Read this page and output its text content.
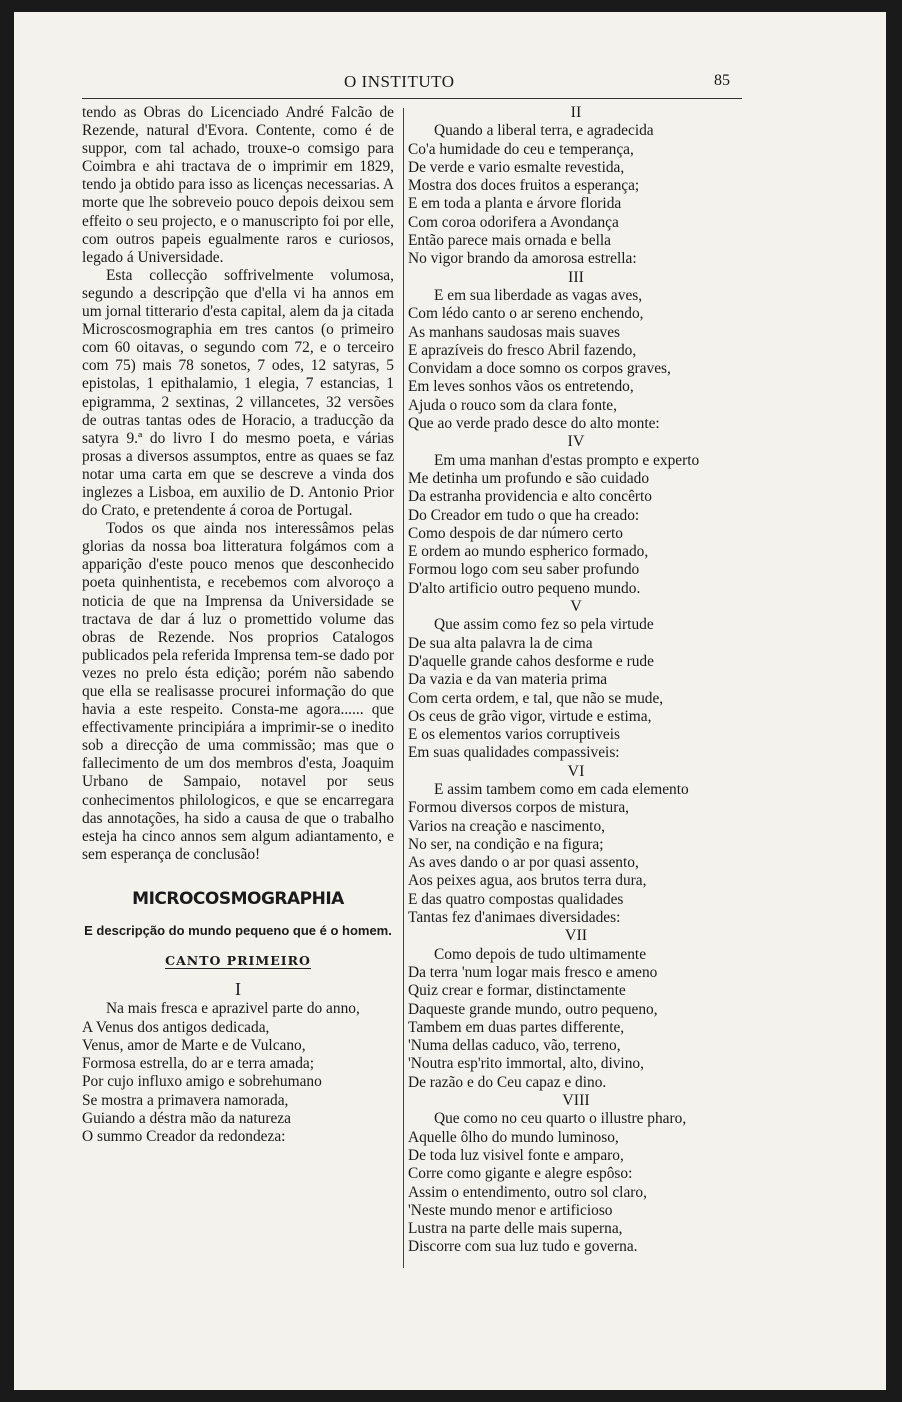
O INSTITUTO	85

tendo as Obras do Licenciado André Falcão de Rezende, natural d'Evora. Contente, como é de suppor, com tal achado, trouxe-o comsigo para Coimbra e ahi tractava de o imprimir em 1829, tendo ja obtido para isso as licenças necessarias. A morte que lhe sobreveio pouco depois deixou sem effeito o seu projecto, e o manuscripto foi por elle, com outros papeis egualmente raros e curiosos, legado á Universidade.

Esta collecção soffrivelmente volumosa, segundo a descripção que d'ella vi ha annos em um jornal titterario d'esta capital, alem da ja citada Microscosmographia em tres cantos (o primeiro com 60 oitavas, o segundo com 72, e o terceiro com 75) mais 78 sonetos, 7 odes, 12 satyras, 5 epistolas, 1 epithalamio, 1 elegia, 7 estancias, 1 epigramma, 2 sextinas, 2 villancetes, 32 versões de outras tantas odes de Horacio, a traducção da satyra 9.ª do livro I do mesmo poeta, e várias prosas a diversos assumptos, entre as quaes se faz notar uma carta em que se descreve a vinda dos inglezes a Lisboa, em auxilio de D. Antonio Prior do Crato, e pretendente á coroa de Portugal.

Todos os que ainda nos interessâmos pelas glorias da nossa boa litteratura folgámos com a apparição d'este pouco menos que desconhecido poeta quinhentista, e recebemos com alvoroço a noticia de que na Imprensa da Universidade se tractava de dar á luz o promettido volume das obras de Rezende. Nos proprios Catalogos publicados pela referida Imprensa tem-se dado por vezes no prelo ésta edição; porém não sabendo que ella se realisasse procurei informação do que havia a este respeito. Consta-me agora...... que effectivamente principiára a imprimir-se o inedito sob a direcção de uma commissão; mas que o fallecimento de um dos membros d'esta, Joaquim Urbano de Sampaio, notavel por seus conhecimentos philologicos, e que se encarregara das annotações, ha sido a causa de que o trabalho esteja ha cinco annos sem algum adiantamento, e sem esperança de conclusão!

MICROCOSMOGRAPHIA

E descripção do mundo pequeno que é o homem.

CANTO PRIMEIRO

I
Na mais fresca e aprazivel parte do anno,
A Venus dos antigos dedicada,
Venus, amor de Marte e de Vulcano,
Formosa estrella, do ar e terra amada;
Por cujo influxo amigo e sobrehumano
Se mostra a primavera namorada,
Guiando a déstra mão da natureza
O summo Creador da redondeza:
II
Quando a liberal terra, e agradecida
Co'a humidade do ceu e temperança,
De verde e vario esmalte revestida,
Mostra dos doces fruitos a esperança;
E em toda a planta e árvore florida
Com coroa odorifera a Avondança
Então parece mais ornada e bella
No vigor brando da amorosa estrella:
III
E em sua liberdade as vagas aves,
Com lédo canto o ar sereno enchendo,
As manhans saudosas mais suaves
E aprazíveis do fresco Abril fazendo,
Convidam a doce somno os corpos graves,
Em leves sonhos vãos os entretendo,
Ajuda o rouco som da clara fonte,
Que ao verde prado desce do alto monte:
IV
Em uma manhan d'estas prompto e experto
Me detinha um profundo e são cuidado
Da estranha providencia e alto concêrto
Do Creador em tudo o que ha creado:
Como despois de dar número certo
E ordem ao mundo espherico formado,
Formou logo com seu saber profundo
D'alto artificio outro pequeno mundo.
V
Que assim como fez so pela virtude
De sua alta palavra la de cima
D'aquelle grande cahos desforme e rude
Da vazia e da van materia prima
Com certa ordem, e tal, que não se mude,
Os ceus de grão vigor, virtude e estima,
E os elementos varios corruptiveis
Em suas qualidades compassiveis:
VI
E assim tambem como em cada elemento
Formou diversos corpos de mistura,
Varios na creação e nascimento,
No ser, na condição e na figura;
As aves dando o ar por quasi assento,
Aos peixes agua, aos brutos terra dura,
E das quatro compostas qualidades
Tantas fez d'animaes diversidades:
VII
Como depois de tudo ultimamente
Da terra 'num logar mais fresco e ameno
Quiz crear e formar, distinctamente
Daqueste grande mundo, outro pequeno,
Tambem em duas partes differente,
'Numa dellas caduco, vão, terreno,
'Noutra esp'rito immortal, alto, divino,
De razão e do Ceu capaz e dino.
VIII
Que como no ceu quarto o illustre pharo,
Aquelle ôlho do mundo luminoso,
De toda luz visivel fonte e amparo,
Corre como gigante e alegre espôso:
Assim o entendimento, outro sol claro,
'Neste mundo menor e artificioso
Lustra na parte delle mais superna,
Discorre com sua luz tudo e governa.
